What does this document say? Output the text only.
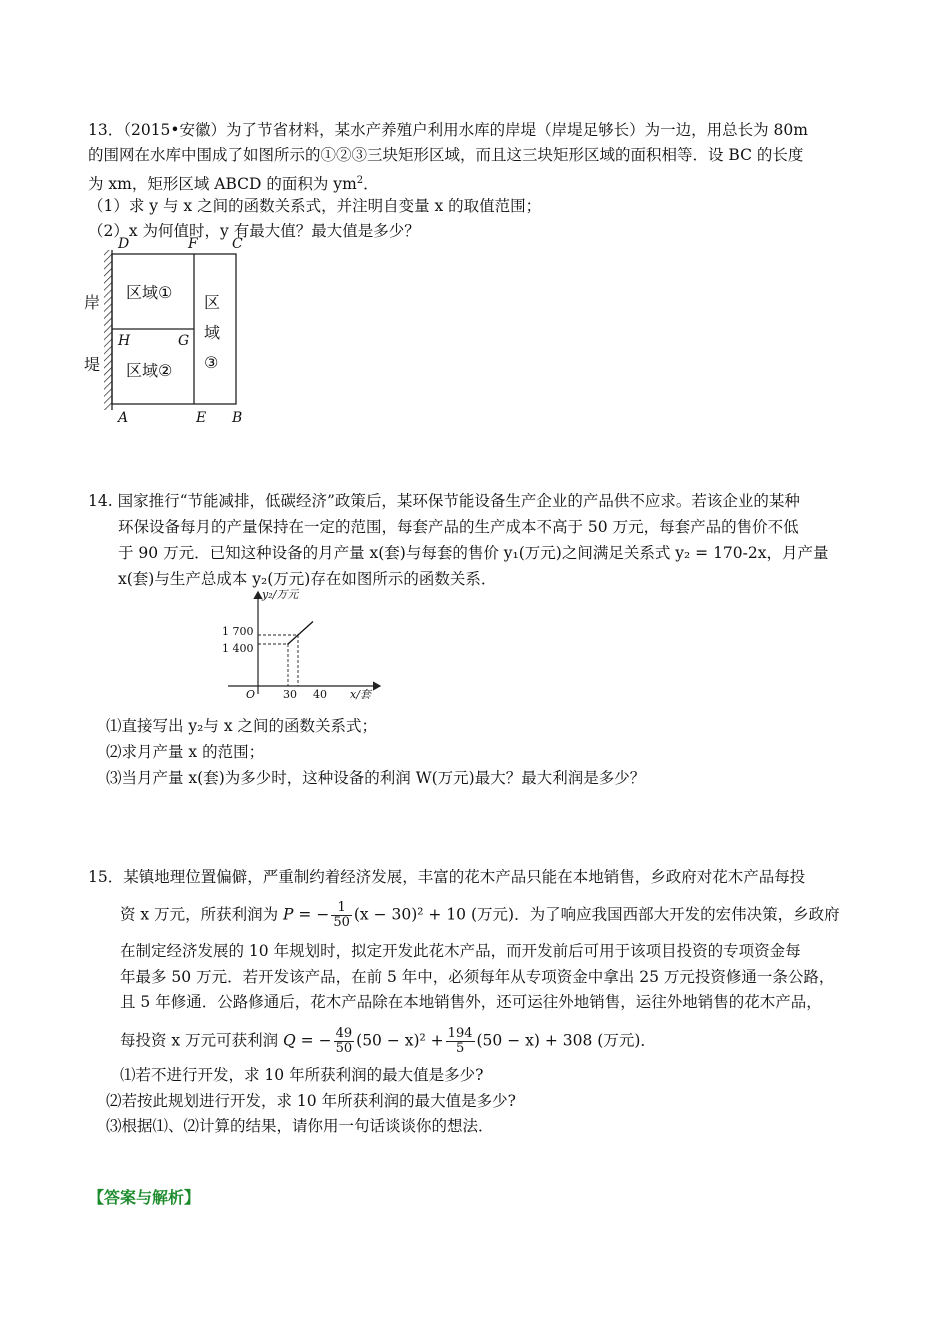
13．（2015•安徽）为了节省材料，某水产养殖户利用水库的岸堤（岸堤足够长）为一边，用总长为 80m
的围网在水库中围成了如图所示的①②③三块矩形区域，而且这三块矩形区域的面积相等．设 BC 的长度
为 xm，矩形区域 ABCD 的面积为 $ym^2$．
（1）求 y 与 x 之间的函数关系式，并注明自变量 x 的取值范围；
（2）x 为何值时，y 有最大值？最大值是多少？
D	F C
H	G
A	E B
岸
堤
区域①
区域②
区
域
③
14. 国家推行“节能减排，低碳经济”政策后，某环保节能设备生产企业的产品供不应求。若该企业的某种
环保设备每月的产量保持在一定的范围，每套产品的生产成本不高于 50 万元，每套产品的售价不低
于 90 万元．已知这种设备的月产量 x(套)与每套的售价 y₁(万元)之间满足关系式 y₂ = 170-2x，月产量
x(套)与生产总成本 y₂(万元)存在如图所示的函数关系．
y₂/万元
x/套
O
1 700
1 400
30 40
⑴直接写出 y₂与 x 之间的函数关系式；
⑵求月产量 x 的范围；
⑶当月产量 x(套)为多少时，这种设备的利润 W(万元)最大？最大利润是多少？
15．某镇地理位置偏僻，严重制约着经济发展，丰富的花木产品只能在本地销售，乡政府对花木产品每投
资 x 万元，所获利润为 P = − $\frac{1}{50} (x - 30)^2 + 10$ (万元)．为了响应我国西部大开发的宏伟决策，乡政府
在制定经济发展的 10 年规划时，拟定开发此花木产品，而开发前后可用于该项目投资的专项资金每
年最多 50 万元．若开发该产品，在前 5 年中，必须每年从专项资金中拿出 25 万元投资修通一条公路，
且 5 年修通．公路修通后，花木产品除在本地销售外，还可运往外地销售，运往外地销售的花木产品，
每投资 x 万元可获利润 Q = − $\frac{49}{50} (50 - x)^2 + \frac{194}{5} (50 - x) + 308$ (万元)．
⑴若不进行开发，求 10 年所获利润的最大值是多少?
⑵若按此规划进行开发，求 10 年所获利润的最大值是多少?
⑶根据⑴、⑵计算的结果，请你用一句话谈谈你的想法．
【答案与解析】
